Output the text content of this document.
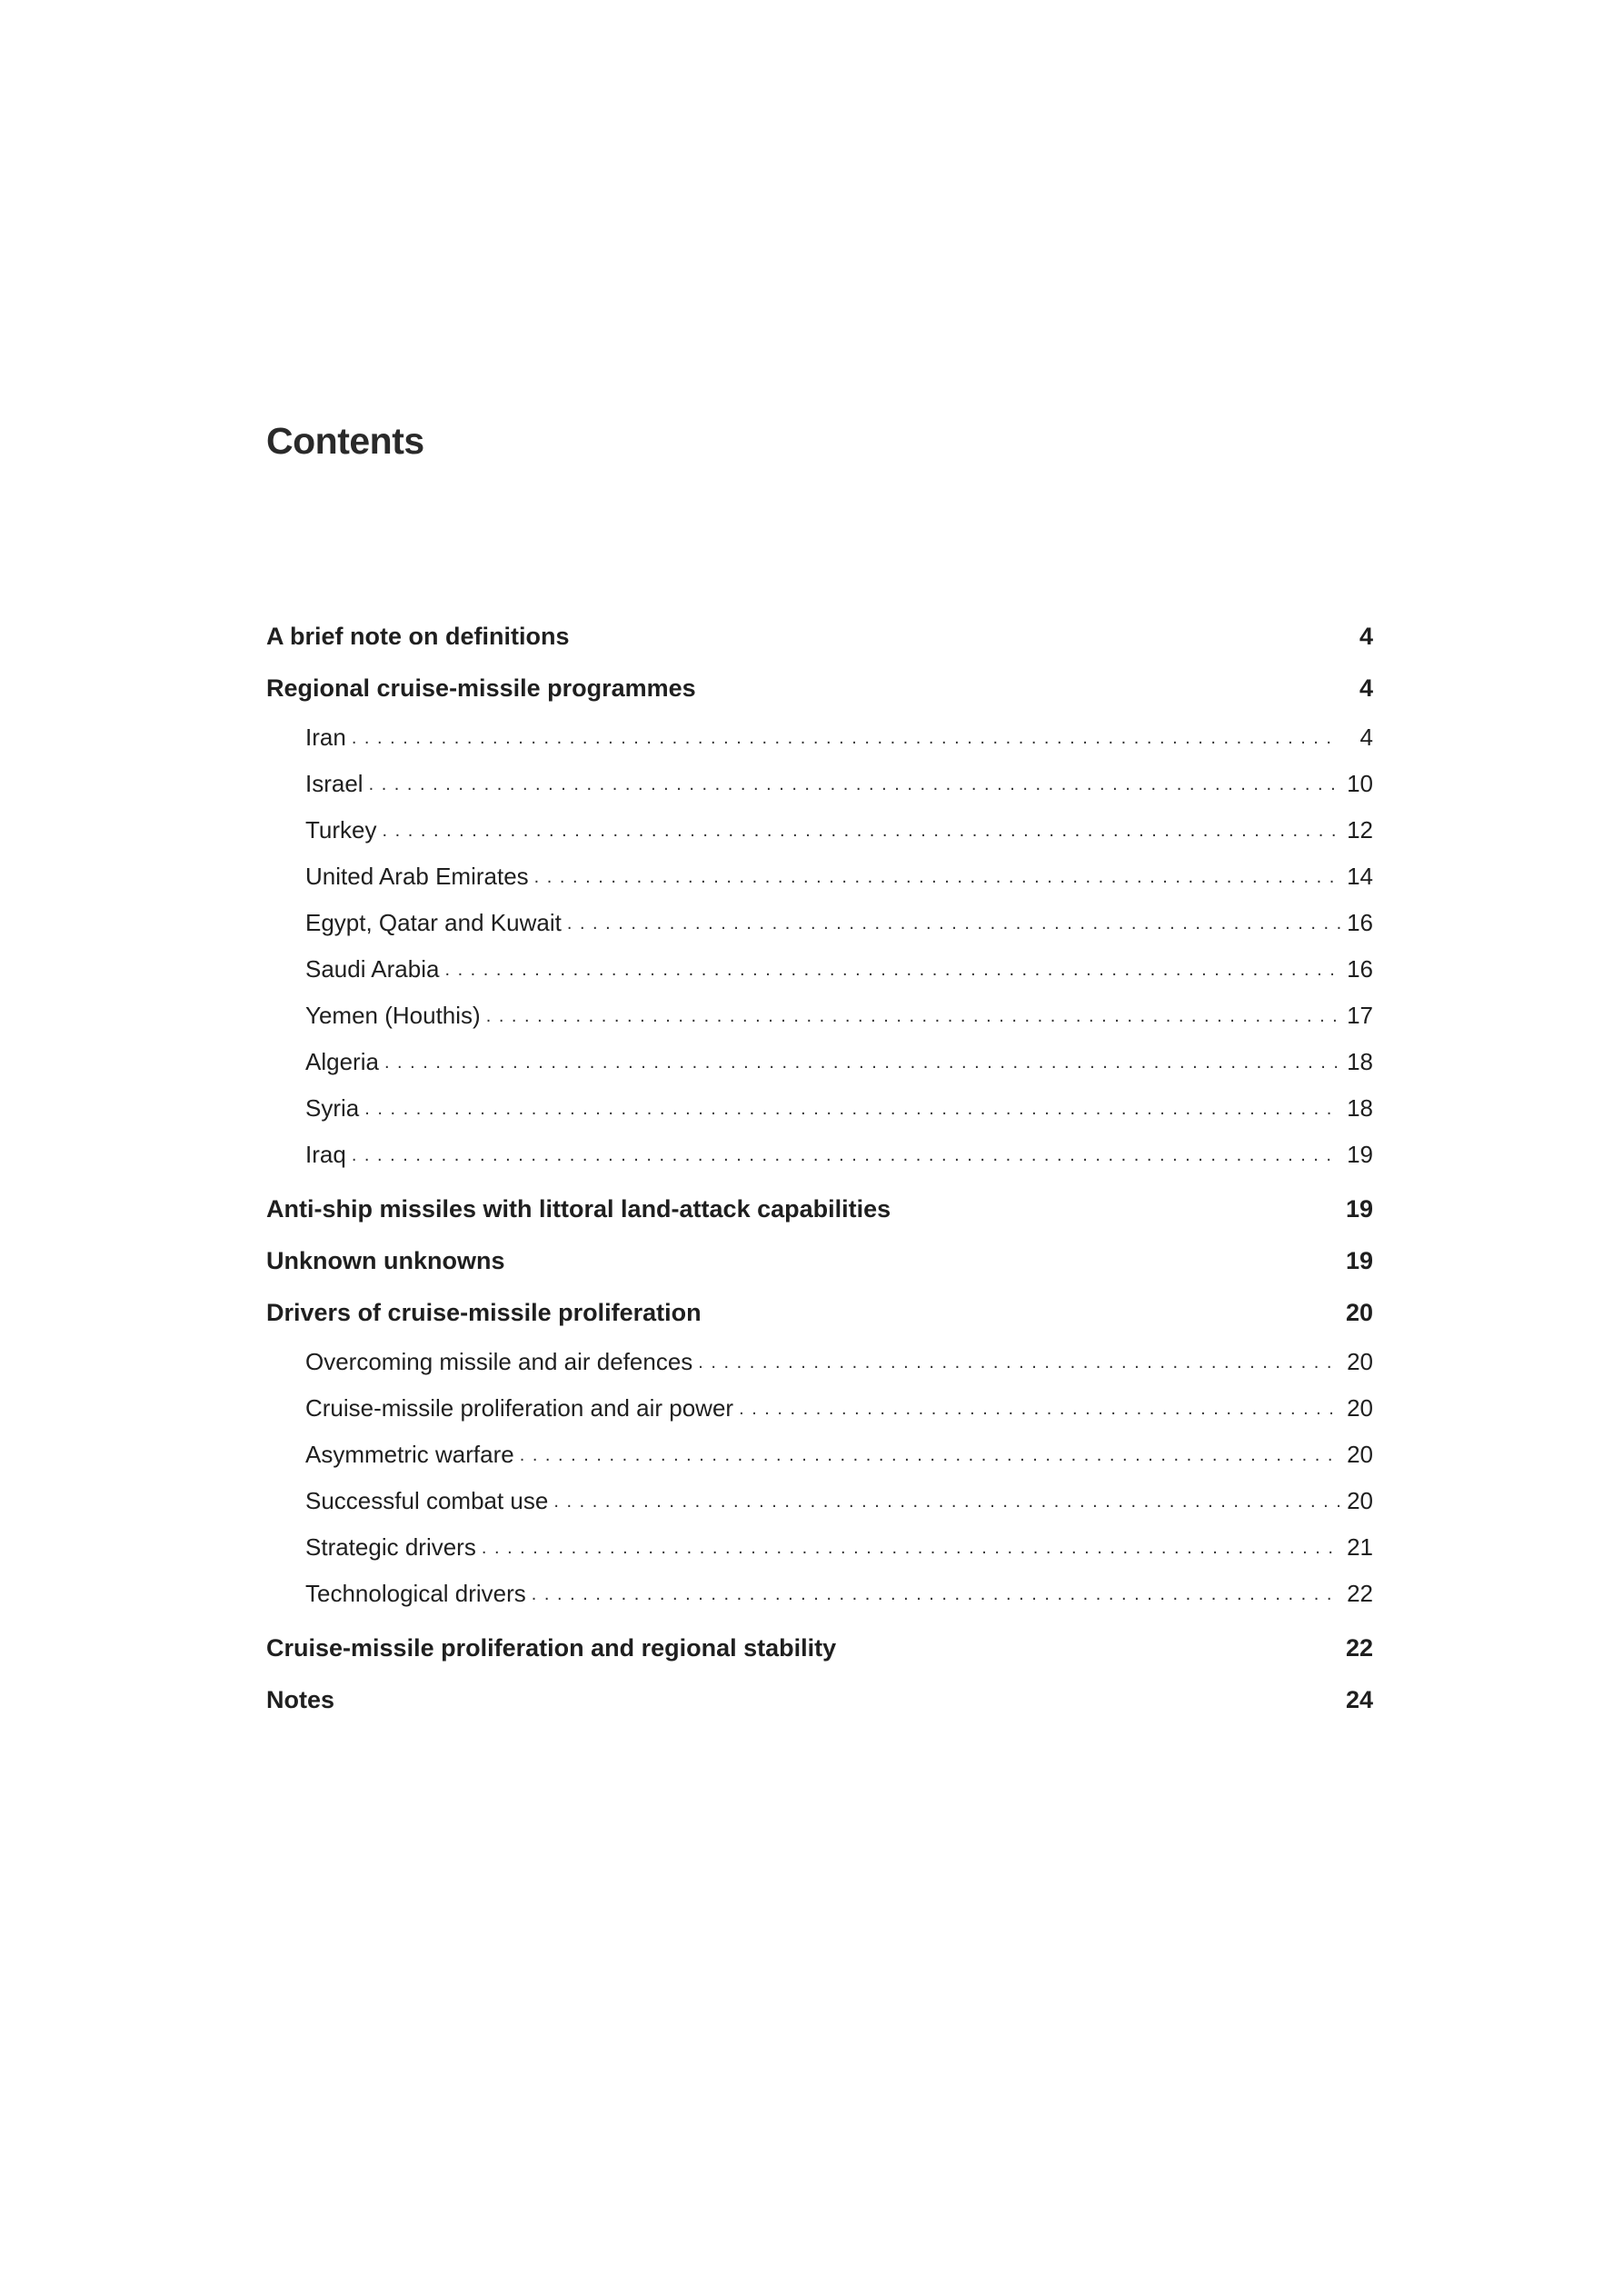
Contents
A brief note on definitions	4
Regional cruise-missile programmes	4
Iran . . .	4
Israel . . .	10
Turkey . . .	12
United Arab Emirates . . .	14
Egypt, Qatar and Kuwait . . .	16
Saudi Arabia . . .	16
Yemen (Houthis) . . .	17
Algeria . . .	18
Syria . . .	18
Iraq . . .	19
Anti-ship missiles with littoral land-attack capabilities	19
Unknown unknowns	19
Drivers of cruise-missile proliferation	20
Overcoming missile and air defences . . .	20
Cruise-missile proliferation and air power . . .	20
Asymmetric warfare . . .	20
Successful combat use . . .	20
Strategic drivers . . .	21
Technological drivers . . .	22
Cruise-missile proliferation and regional stability	22
Notes	24
